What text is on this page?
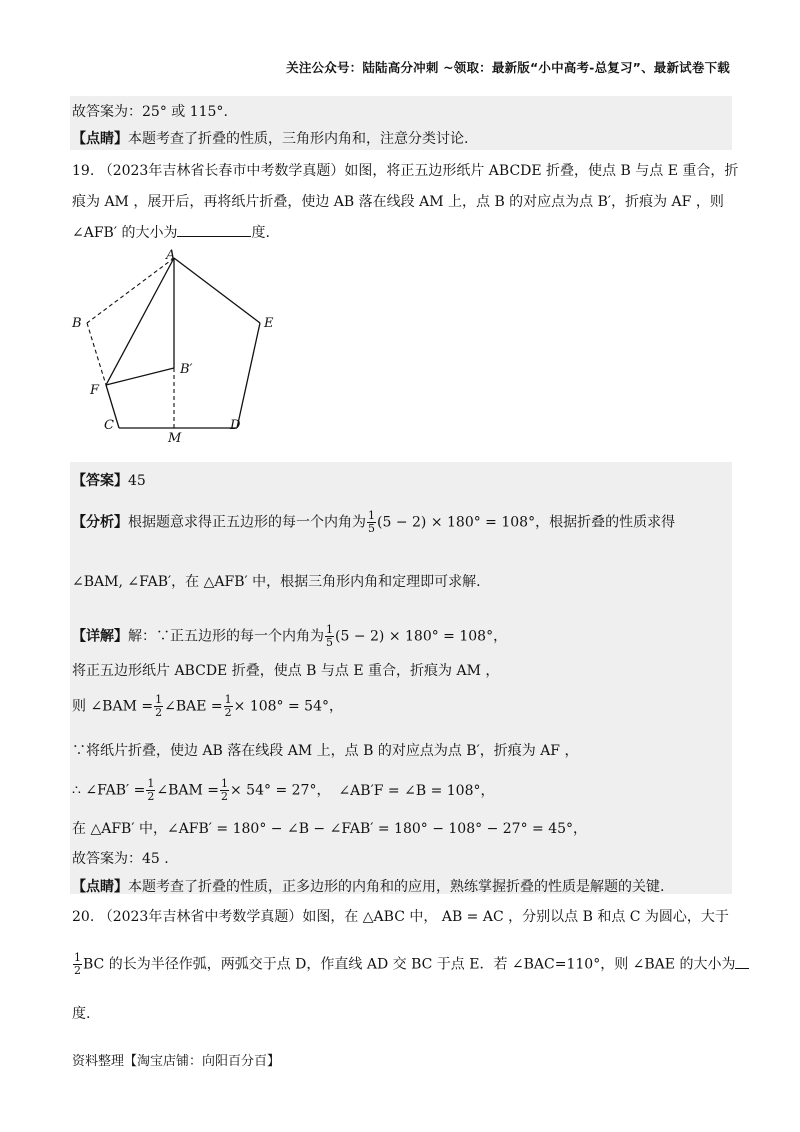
关注公众号：陆陆高分冲刺 ~领取：最新版“小中高考-总复习”、最新试卷下载
故答案为：25° 或 115°.
【点睛】本题考查了折叠的性质，三角形内角和，注意分类讨论.
19. （2023年吉林省长春市中考数学真题）如图，将正五边形纸片 ABCDE 折叠，使点 B 与点 E 重合，折
痕为 AM ，展开后，再将纸片折叠，使边 AB 落在线段 AM 上，点 B 的对应点为点 B′，折痕为 AF ，则
∠AFB′ 的大小为	度.
A
B	E
B′
F
C	D
M
【答案】45
【分析】根据题意求得正五边形的每一个内角为 $\frac{1}{5} (5 - 2) \times 180^\circ = 108^\circ$，根据折叠的性质求得
∠BAM, ∠FAB′，在 △AFB′ 中，根据三角形内角和定理即可求解.
【详解】解：∵正五边形的每一个内角为 $\frac{1}{5} (5 - 2) \times 180^\circ = 108^\circ$，
将正五边形纸片 ABCDE 折叠，使点 B 与点 E 重合，折痕为 AM ，
则 ∠BAM = $\frac{1}{2}$ ∠BAE = $\frac{1}{2} \times 108^\circ = 54^\circ$，
∵将纸片折叠，使边 AB 落在线段 AM 上，点 B 的对应点为点 B′，折痕为 AF ，
∴ ∠FAB′ = $\frac{1}{2}$ ∠BAM = $\frac{1}{2} \times 54^\circ = 27^\circ$， ∠AB′F = ∠B = 108°，
在 △AFB′ 中，∠AFB′ = 180° − ∠B − ∠FAB′ = 180° − 108° − 27° = 45°，
故答案为：45 .
【点睛】本题考查了折叠的性质，正多边形的内角和的应用，熟练掌握折叠的性质是解题的关键.
20. （2023年吉林省中考数学真题）如图，在 △ABC 中， AB = AC ，分别以点 B 和点 C 为圆心，大于
$\frac{1}{2}$ BC 的长为半径作弧，两弧交于点 D，作直线 AD 交 BC 于点 E．若 ∠BAC=110°，则 ∠BAE 的大小为
度.
资料整理【淘宝店铺：向阳百分百】
